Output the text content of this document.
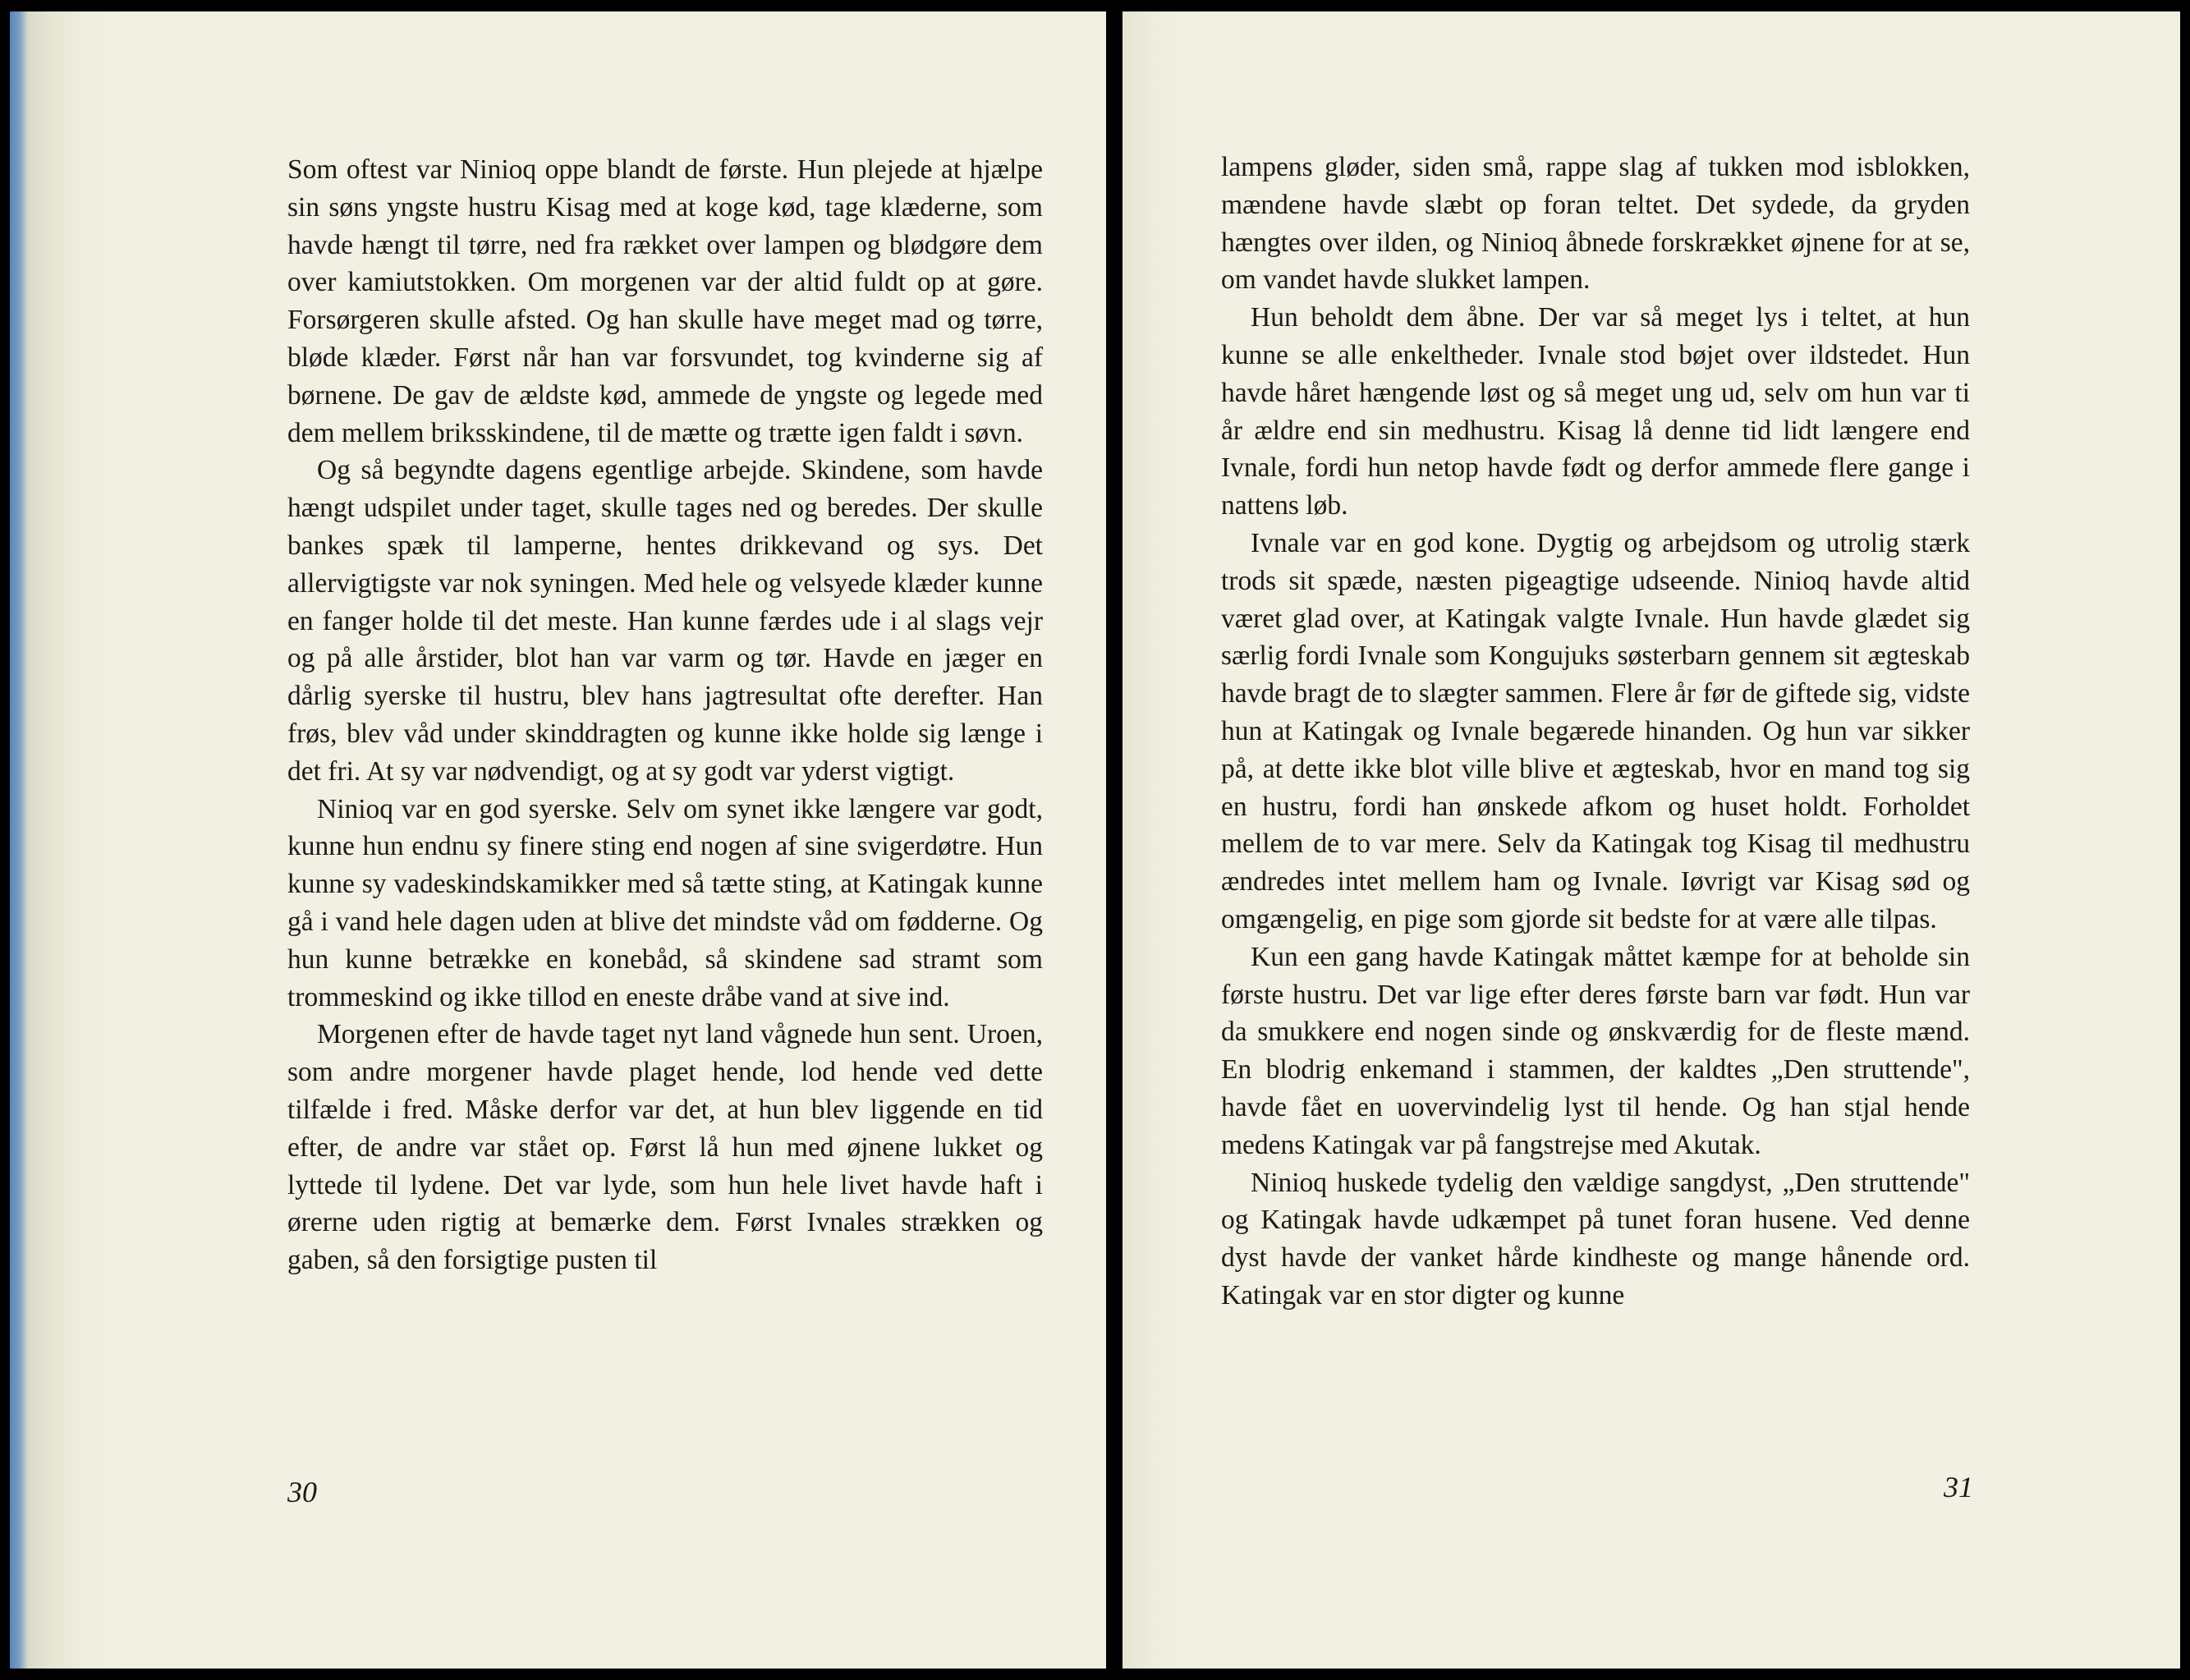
Som oftest var Ninioq oppe blandt de første. Hun plejede at hjælpe sin søns yngste hustru Kisag med at koge kød, tage klæderne, som havde hængt til tørre, ned fra rækket over lampen og blødgøre dem over kamiutstokken. Om morgenen var der altid fuldt op at gøre. Forsørgeren skulle afsted. Og han skulle have meget mad og tørre, bløde klæder. Først når han var forsvundet, tog kvinderne sig af børnene. De gav de ældste kød, ammede de yngste og legede med dem mellem briksskindene, til de mætte og trætte igen faldt i søvn.

Og så begyndte dagens egentlige arbejde. Skindene, som havde hængt udspilet under taget, skulle tages ned og beredes. Der skulle bankes spæk til lamperne, hentes drikkevand og sys. Det allervigtigste var nok syningen. Med hele og velsyede klæder kunne en fanger holde til det meste. Han kunne færdes ude i al slags vejr og på alle årstider, blot han var varm og tør. Havde en jæger en dårlig syerske til hustru, blev hans jagtresultat ofte derefter. Han frøs, blev våd under skinddragten og kunne ikke holde sig længe i det fri. At sy var nødvendigt, og at sy godt var yderst vigtigt.

Ninioq var en god syerske. Selv om synet ikke længere var godt, kunne hun endnu sy finere sting end nogen af sine svigerdøtre. Hun kunne sy vadeskindskamikker med så tætte sting, at Katingak kunne gå i vand hele dagen uden at blive det mindste våd om fødderne. Og hun kunne betrække en konebåd, så skindene sad stramt som trommeskind og ikke tillod en eneste dråbe vand at sive ind.

Morgenen efter de havde taget nyt land vågnede hun sent. Uroen, som andre morgener havde plaget hende, lod hende ved dette tilfælde i fred. Måske derfor var det, at hun blev liggende en tid efter, de andre var stået op. Først lå hun med øjnene lukket og lyttede til lydene. Det var lyde, som hun hele livet havde haft i ørerne uden rigtig at bemærke dem. Først Ivnales strækken og gaben, så den forsigtige pusten til

30

lampens gløder, siden små, rappe slag af tukken mod isblokken, mændene havde slæbt op foran teltet. Det sydede, da gryden hængtes over ilden, og Ninioq åbnede forskrækket øjnene for at se, om vandet havde slukket lampen.

Hun beholdt dem åbne. Der var så meget lys i teltet, at hun kunne se alle enkeltheder. Ivnale stod bøjet over ildstedet. Hun havde håret hængende løst og så meget ung ud, selv om hun var ti år ældre end sin medhustru. Kisag lå denne tid lidt længere end Ivnale, fordi hun netop havde født og derfor ammede flere gange i nattens løb.

Ivnale var en god kone. Dygtig og arbejdsom og utrolig stærk trods sit spæde, næsten pigeagtige udseende. Ninioq havde altid været glad over, at Katingak valgte Ivnale. Hun havde glædet sig særlig fordi Ivnale som Kongujuks søsterbarn gennem sit ægteskab havde bragt de to slægter sammen. Flere år før de giftede sig, vidste hun at Katingak og Ivnale begærede hinanden. Og hun var sikker på, at dette ikke blot ville blive et ægteskab, hvor en mand tog sig en hustru, fordi han ønskede afkom og huset holdt. Forholdet mellem de to var mere. Selv da Katingak tog Kisag til medhustru ændredes intet mellem ham og Ivnale. Iøvrigt var Kisag sød og omgængelig, en pige som gjorde sit bedste for at være alle tilpas.

Kun een gang havde Katingak måttet kæmpe for at beholde sin første hustru. Det var lige efter deres første barn var født. Hun var da smukkere end nogen sinde og ønskværdig for de fleste mænd. En blodrig enkemand i stammen, der kaldtes „Den struttende", havde fået en uovervindelig lyst til hende. Og han stjal hende medens Katingak var på fangstrejse med Akutak.

Ninioq huskede tydelig den vældige sangdyst, „Den struttende" og Katingak havde udkæmpet på tunet foran husene. Ved denne dyst havde der vanket hårde kindheste og mange hånende ord. Katingak var en stor digter og kunne

31
